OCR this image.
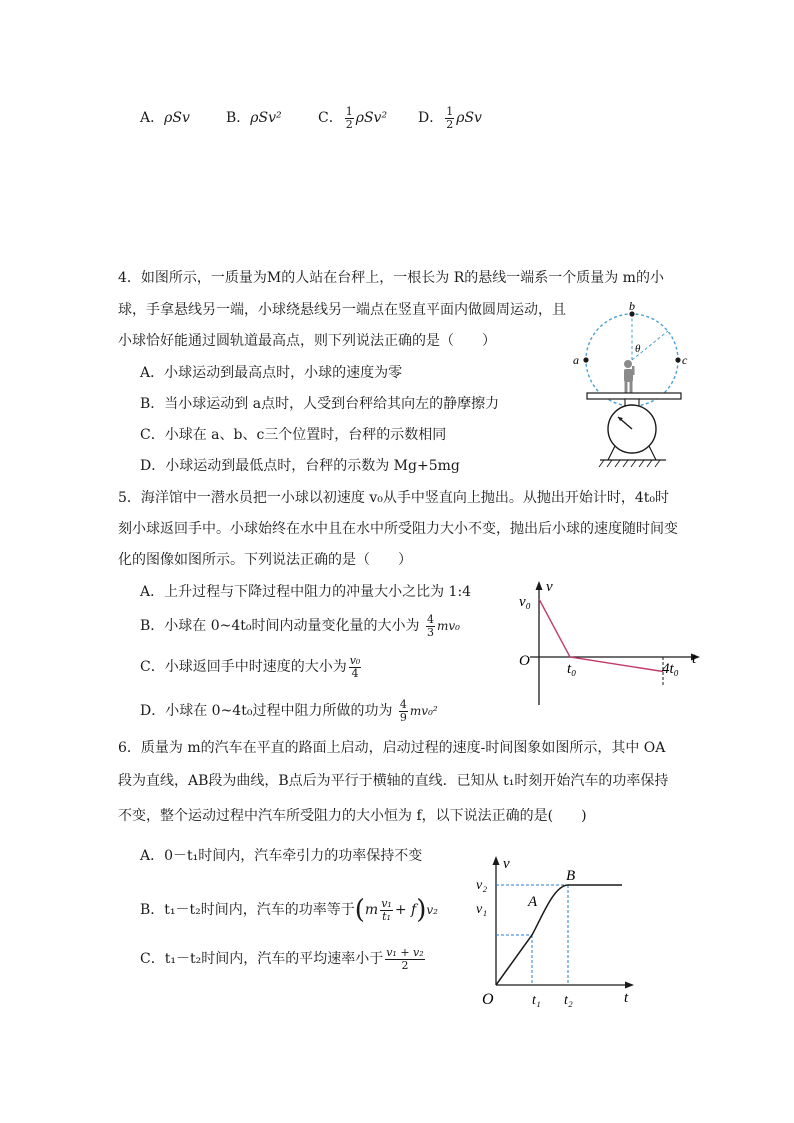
A．ρSv	B．ρSv²	C． $\frac{1}{2} \rho Sv^2$ D． $\frac{1}{2}$ ρSv
4．如图所示，一质量为M的人站在台秤上，一根长为 R的悬线一端系一个质量为 m的小
球，手拿悬线另一端，小球绕悬线另一端点在竖直平面内做圆周运动，且
小球恰好能通过圆轨道最高点，则下列说法正确的是（　　）
A．小球运动到最高点时，小球的速度为零
B．当小球运动到 a点时，人受到台秤给其向左的静摩擦力
C．小球在 a、b、c三个位置时，台秤的示数相同
D．小球运动到最低点时，台秤的示数为 Mg+5mg
b
a	c
θ
5．海洋馆中一潜水员把一小球以初速度 v₀从手中竖直向上抛出。从抛出开始计时，4t₀时
刻小球返回手中。小球始终在水中且在水中所受阻力大小不变，抛出后小球的速度随时间变
化的图像如图所示。下列说法正确的是（　　）
A．上升过程与下降过程中阻力的冲量大小之比为 1:4
B．小球在 0~4t₀时间内动量变化量的大小为 $\frac{4}{3} mv_0$
C．小球返回手中时速度的大小为 $\frac{\text{v₀}}{4}$
D．小球在 0~4t₀过程中阻力所做的功为 $\frac{4}{9} mv_0^2$
v
v₀
O t₀	4t₀
t
6．质量为 m的汽车在平直的路面上启动，启动过程的速度-时间图象如图所示，其中 OA
段为直线，AB段为曲线，B点后为平行于横轴的直线．已知从 t₁时刻开始汽车的功率保持
不变，整个运动过程中汽车所受阻力的大小恒为 f，以下说法正确的是(　　)
A．0－t₁时间内，汽车牵引力的功率保持不变
B．t₁－t₂时间内，汽车的功率等于$(m \frac{\text{v₁}}{\text{t₁}} + f)v_2$
C．t₁－t₂时间内，汽车的平均速率小于 $\frac{\text{v₁ + v₂}}{2}$
v
v₂
v₁	A
B
O	t₁ t₂	t
